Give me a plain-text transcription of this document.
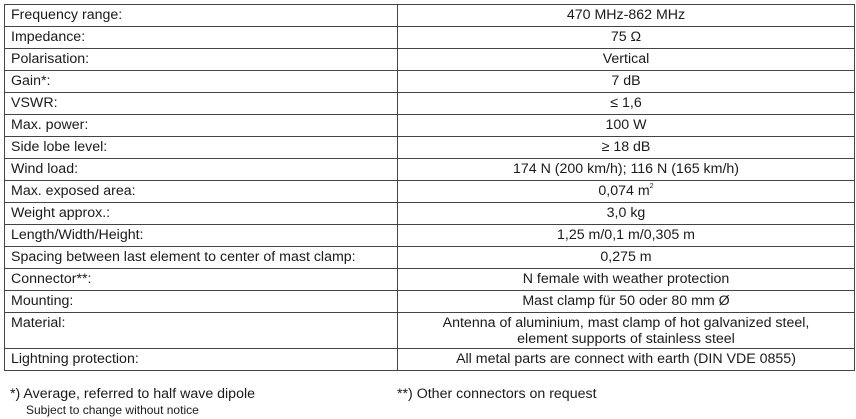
Frequency range:	470 MHz-862 MHz
Impedance:	75 Ω
Polarisation:	Vertical
Gain*:	7 dB
VSWR:	≤ 1,6
Max. power:	100 W
Side lobe level:	≥ 18 dB
Wind load:	174 N (200 km/h); 116 N (165 km/h)
Max. exposed area:	0,074 $m^2$
Weight approx.:	3,0 kg
Length/Width/Height:	1,25 m/0,1 m/0,305 m
Spacing between last element to center of mast clamp:	0,275 m
Connector**:	N female with weather protection
Mounting:	Mast clamp für 50 oder 80 mm Ø
Material:	Antenna of aluminium, mast clamp of hot galvanized steel,
element supports of stainless steel

Lightning protection:	All metal parts are connect with earth (DIN VDE 0855)
*) Average, referred to half wave dipole	**) Other connectors on request
Subject to change without notice
